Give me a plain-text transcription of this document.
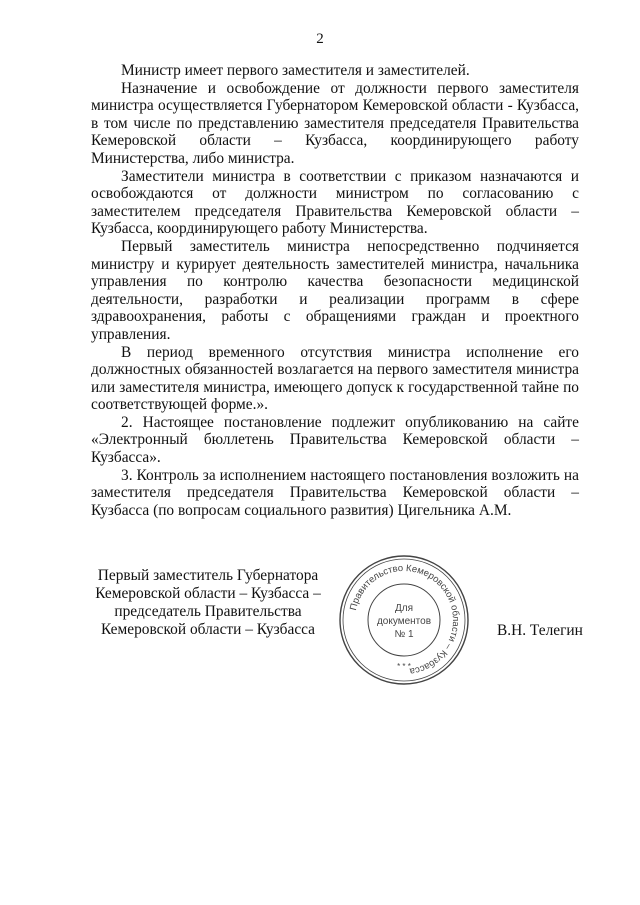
2

Министр имеет первого заместителя и заместителей.

Назначение и освобождение от должности первого заместителя министра осуществляется Губернатором Кемеровской области - Кузбасса, в том числе по представлению заместителя председателя Правительства Кемеровской области – Кузбасса, координирующего работу Министерства, либо министра.

Заместители министра в соответствии с приказом назначаются и освобождаются от должности министром по согласованию с заместителем председателя Правительства Кемеровской области – Кузбасса, координирующего работу Министерства.

Первый заместитель министра непосредственно подчиняется министру и курирует деятельность заместителей министра, начальника управления по контролю качества безопасности медицинской деятельности, разработки и реализации программ в сфере здравоохранения, работы с обращениями граждан и проектного управления.

В период временного отсутствия министра исполнение его должностных обязанностей возлагается на первого заместителя министра или заместителя министра, имеющего допуск к государственной тайне по соответствующей форме.».

2. Настоящее постановление подлежит опубликованию на сайте «Электронный бюллетень Правительства Кемеровской области – Кузбасса».

3. Контроль за исполнением настоящего постановления возложить на заместителя председателя Правительства Кемеровской области – Кузбасса (по вопросам социального развития) Цигельника А.М.

Первый заместитель Губернатора
Кемеровской области – Кузбасса –
председатель Правительства
Кемеровской области – Кузбасса
Правительство Кемеровской области – Кузбасса
* * *
Для
документов
№ 1	В.Н. Телегин
